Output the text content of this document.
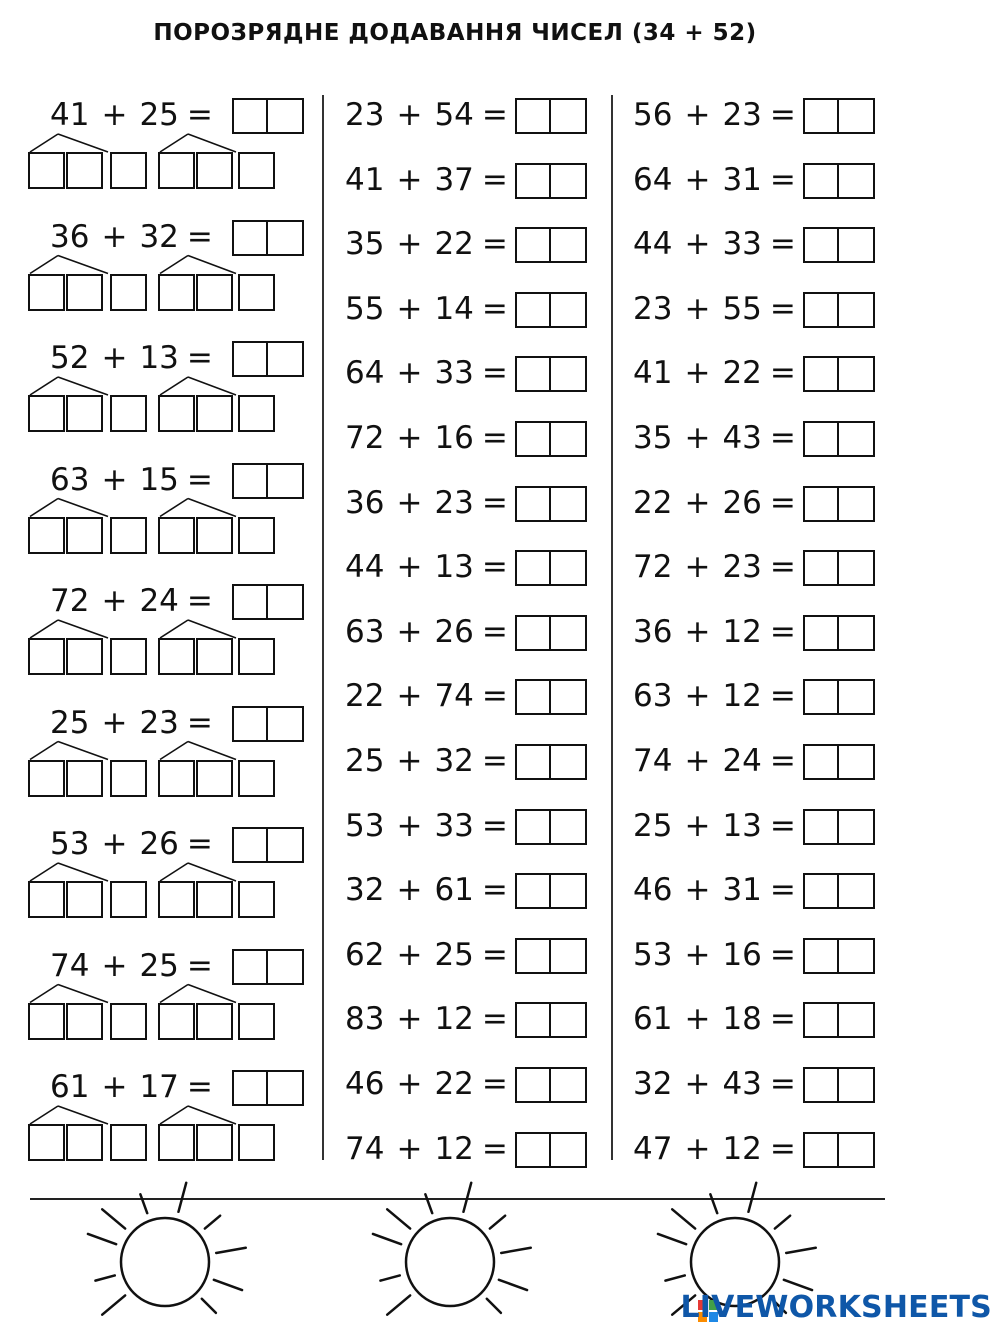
ПОРОЗРЯДНЕ ДОДАВАННЯ ЧИСЕЛ (34 + 52)
41 + 25 =
36 + 32 =
52 + 13 =
63 + 15 =
72 + 24 =
25 + 23 =
53 + 26 =
74 + 25 =
61 + 17 =
23 + 54 =
41 + 37 =
35 + 22 =
55 + 14 =
64 + 33 =
72 + 16 =
36 + 23 =
44 + 13 =
63 + 26 =
22 + 74 =
25 + 32 =
53 + 33 =
32 + 61 =
62 + 25 =
83 + 12 =
46 + 22 =
74 + 12 =
56 + 23 =
64 + 31 =
44 + 33 =
23 + 55 =
41 + 22 =
35 + 43 =
22 + 26 =
72 + 23 =
36 + 12 =
63 + 12 =
74 + 24 =
25 + 13 =
46 + 31 =
53 + 16 =
61 + 18 =
32 + 43 =
47 + 12 =
LIVEWORKSHEETS
